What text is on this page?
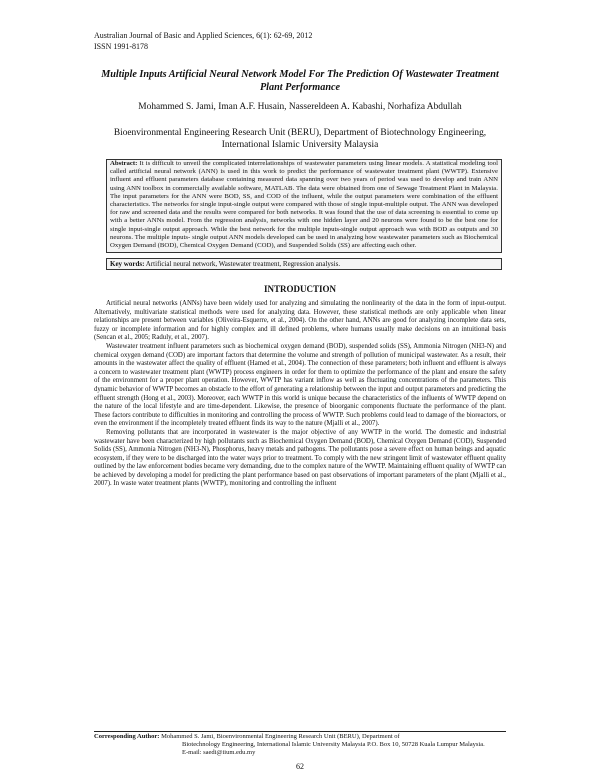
Australian Journal of Basic and Applied Sciences, 6(1): 62-69, 2012
ISSN 1991-8178
Multiple Inputs Artificial Neural Network Model For The Prediction Of Wastewater Treatment Plant Performance
Mohammed S. Jami, Iman A.F. Husain, Nassereldeen A. Kabashi, Norhafiza Abdullah
Bioenvironmental Engineering Research Unit (BERU), Department of Biotechnology Engineering, International Islamic University Malaysia

Abstract: It is difficult to unveil the complicated interrelationships of wastewater parameters using linear models. A statistical modeling tool called artificial neural network (ANN) is used in this work to predict the performance of wastewater treatment plant (WWTP). Extensive influent and effluent parameters database containing measured data spanning over two years of period was used to develop and train ANN using ANN toolbox in commercially available software, MATLAB. The data were obtained from one of Sewage Treatment Plant in Malaysia. The input parameters for the ANN were BOD, SS, and COD of the influent, while the output parameters were combination of the effluent characteristics. The networks for single input-single output were compared with those of single input-multiple output. The ANN was developed for raw and screened data and the results were compared for both networks. It was found that the use of data screening is essential to come up with a better ANNs model. From the regression analysis, networks with one hidden layer and 20 neurons were found to be the best one for single input-single output approach. While the best network for the multiple inputs-single output approach was with BOD as outputs and 30 neurons. The multiple inputs- single output ANN models developed can be used in analyzing how wastewater parameters such as Biochemical Oxygen Demand (BOD), Chemical Oxygen Demand (COD), and Suspended Solids (SS) are affecting each other.

Key words: Artificial neural network, Wastewater treatment, Regression analysis.

INTRODUCTION

Artificial neural networks (ANNs) have been widely used for analyzing and simulating the nonlinearity of the data in the form of input-output. Alternatively, multivariate statistical methods were used for analyzing data. However, these statistical methods are only applicable when linear relationships are present between variables (Oliveira-Esquerre, et al., 2004). On the other hand, ANNs are good for analyzing incomplete data sets, fuzzy or incomplete information and for highly complex and ill defined problems, where humans usually make decisions on an intuitional basis (Sencan et al., 2005; Raduly, et al., 2007).

Wastewater treatment influent parameters such as biochemical oxygen demand (BOD), suspended solids (SS), Ammonia Nitrogen (NH3-N) and chemical oxygen demand (COD) are important factors that determine the volume and strength of pollution of municipal wastewater. As a result, their amounts in the wastewater affect the quality of effluent (Hamed et al., 2004). The connection of these parameters; both influent and effluent is always a concern to wastewater treatment plant (WWTP) process engineers in order for them to optimize the performance of the plant and ensure the safety of the environment for a proper plant operation. However, WWTP has variant inflow as well as fluctuating concentrations of the parameters. This dynamic behavior of WWTP becomes an obstacle to the effort of generating a relationship between the input and output parameters and predicting the effluent strength (Hong et al., 2003). Moreover, each WWTP in this world is unique because the characteristics of the influents of WWTP depend on the nature of the local lifestyle and are time-dependent. Likewise, the presence of bioorganic components fluctuate the performance of the plant. These factors contribute to difficulties in monitoring and controlling the process of WWTP. Such problems could lead to damage of the bioreactors, or even the environment if the incompletely treated effluent finds its way to the nature (Mjalli et al., 2007).

Removing pollutants that are incorporated in wastewater is the major objective of any WWTP in the world. The domestic and industrial wastewater have been characterized by high pollutants such as Biochemical Oxygen Demand (BOD), Chemical Oxygen Demand (COD), Suspended Solids (SS), Ammonia Nitrogen (NH3-N), Phosphorus, heavy metals and pathogens. The pollutants pose a severe effect on human beings and aquatic ecosystem, if they were to be discharged into the water ways prior to treatment. To comply with the new stringent limit of wastewater effluent quality outlined by the law enforcement bodies became very demanding, due to the complex nature of the WWTP. Maintaining effluent quality of WWTP can be achieved by developing a model for predicting the plant performance based on past observations of important parameters of the plant (Mjalli et al., 2007). In waste water treatment plants (WWTP), monitoring and controlling the influent

Corresponding Author: Mohammed S. Jami, Bioenvironmental Engineering Research Unit (BERU), Department of
Biotechnology Engineering, International Islamic University Malaysia P.O. Box 10, 50728 Kuala Lumpur Malaysia.
E-mail: saedi@iium.edu.my
62
